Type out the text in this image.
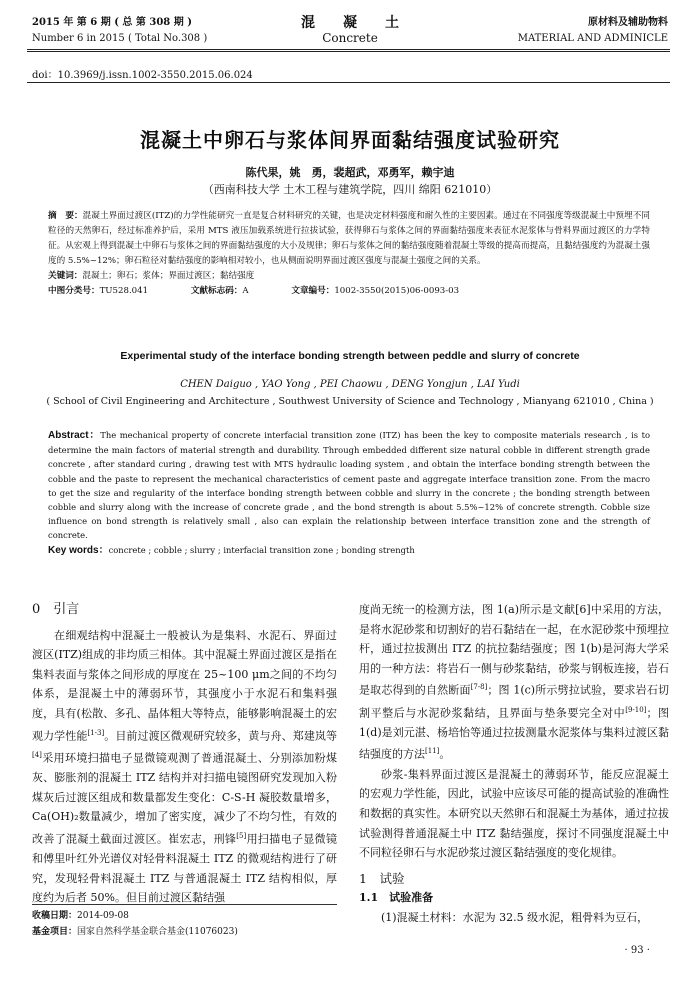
2015 年 第 6 期 ( 总 第 308 期 )
Number 6 in 2015 ( Total No.308 )
混　　凝　　土
Concrete
原材料及辅助物料
MATERIAL AND ADMINICLE
doi：10.3969/j.issn.1002-3550.2015.06.024
混凝土中卵石与浆体间界面黏结强度试验研究
陈代果，姚　勇，裴超武，邓勇军，赖宇迪
（西南科技大学 土木工程与建筑学院，四川 绵阳 621010）
摘　要：混凝土界面过渡区(ITZ)的力学性能研究一直是复合材料研究的关键，也是决定材料强度和耐久性的主要因素。通过在不同强度等级混凝土中预埋不同粒径的天然卵石，经过标准养护后，采用 MTS 液压加载系统进行拉拔试验，获得卵石与浆体之间的界面黏结强度来表征水泥浆体与骨料界面过渡区的力学特征。从宏观上得到混凝土中卵石与浆体之间的界面黏结强度的大小及规律；卵石与浆体之间的黏结强度随着混凝土等级的提高而提高，且黏结强度约为混凝土强度的 5.5%~12%；卵石粒径对黏结强度的影响相对较小，也从侧面说明界面过渡区强度与混凝土强度之间的关系。
关键词：混凝土；卵石；浆体；界面过渡区；黏结强度
中图分类号：TU528.041	文献标志码：A	文章编号：1002-3550(2015)06-0093-03
Experimental study of the interface bonding strength between peddle and slurry of concrete
CHEN Daiguo , YAO Yong , PEI Chaowu , DENG Yongjun , LAI Yudi
( School of Civil Engineering and Architecture , Southwest University of Science and Technology , Mianyang 621010 , China )
Abstract：The mechanical property of concrete interfacial transition zone (ITZ) has been the key to composite materials research , is to determine the main factors of material strength and durability. Through embedded different size natural cobble in different strength grade concrete , after standard curing , drawing test with MTS hydraulic loading system , and obtain the interface bonding strength between the cobble and the paste to represent the mechanical characteristics of cement paste and aggregate interface transition zone. From the macro to get the size and regularity of the interface bonding strength between cobble and slurry in the concrete ; the bonding strength between cobble and slurry along with the increase of concrete grade , and the bond strength is about 5.5%~12% of concrete strength. Cobble size influence on bond strength is relatively small , also can explain the relationship between interface transition zone and the strength of concrete.
Key words：concrete ; cobble ; slurry ; interfacial transition zone ; bonding strength

0　引言

在细观结构中混凝土一般被认为是集料、水泥石、界面过渡区(ITZ)组成的非均质三相体。其中混凝土界面过渡区是指在集料表面与浆体之间形成的厚度在 25~100 μm之间的不均匀体系，是混凝土中的薄弱环节，其强度小于水泥石和集料强度，具有(松散、多孔、晶体粗大等特点，能够影响混凝土的宏观力学性能[1-3]。目前过渡区微观研究较多，黄与舟、郑建岚等[4]采用环境扫描电子显微镜观测了普通混凝土、分别添加粉煤灰、膨胀剂的混凝土 ITZ 结构并对扫描电镜图研究发现加入粉煤灰后过渡区组成和数量都发生变化：C-S-H 凝胶数量增多，Ca(OH)₂数量减少，增加了密实度，减少了不均匀性，有效的改善了混凝土截面过渡区。崔宏志，刑锋[5]用扫描电子显微镜和傅里叶红外光谱仪对轻骨料混凝土 ITZ 的微观结构进行了研究，发现轻骨料混凝土 ITZ 与普通混凝土 ITZ 结构相似，厚度约为后者 50%。但目前过渡区黏结强

收稿日期：2014-09-08
基金项目：国家自然科学基金联合基金(11076023)

度尚无统一的检测方法，图 1(a)所示是文献[6]中采用的方法，是将水泥砂浆和切割好的岩石黏结在一起，在水泥砂浆中预埋拉杆，通过拉拔测出 ITZ 的抗拉黏结强度；图 1(b)是河海大学采用的一种方法：将岩石一侧与砂浆黏结，砂浆与钢板连接，岩石是取芯得到的自然断面[7-8]；图 1(c)所示劈拉试验，要求岩石切割平整后与水泥砂浆黏结，且界面与垫条要完全对中[9-10]；图 1(d)是刘元湛、杨培怡等通过拉拔测量水泥浆体与集料过渡区黏结强度的方法[11]。

砂浆-集料界面过渡区是混凝土的薄弱环节，能反应混凝土的宏观力学性能，因此，试验中应该尽可能的提高试验的准确性和数据的真实性。本研究以天然卵石和混凝土为基体，通过拉拔试验测得普通混凝土中 ITZ 黏结强度，探讨不同强度混凝土中不同粒径卵石与水泥砂浆过渡区黏结强度的变化规律。

1　试验

1.1　试验准备

(1)混凝土材料：水泥为 32.5 级水泥，粗骨料为豆石，

· 93 ·
